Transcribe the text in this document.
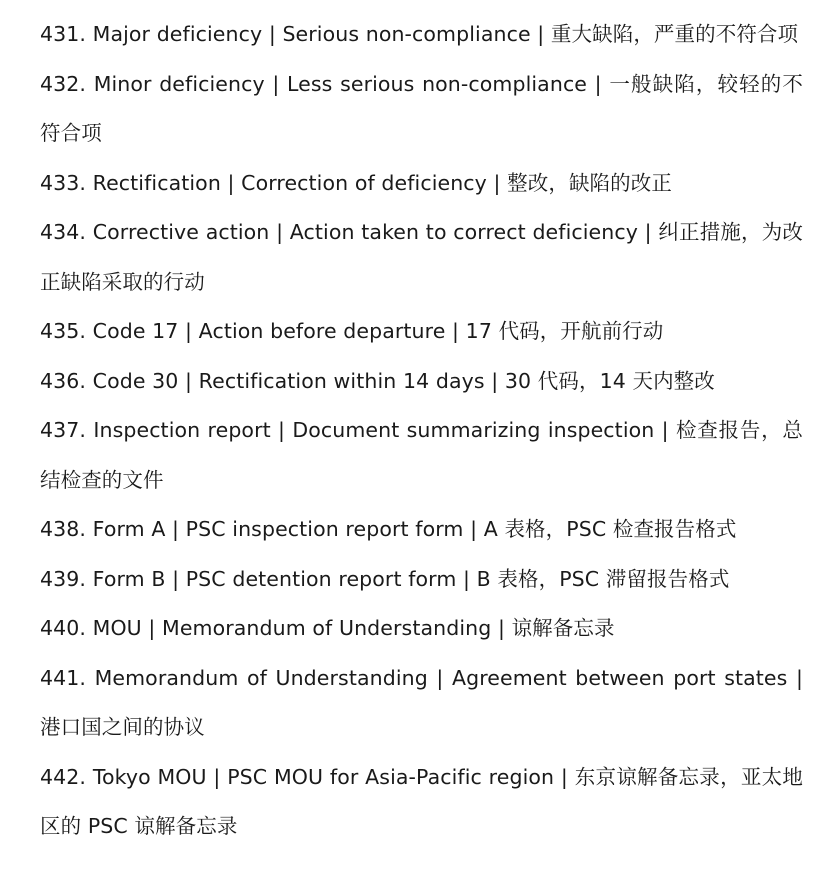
431. Major deficiency | Serious non-compliance | 重大缺陷，严重的不符合项

432. Minor deficiency | Less serious non-compliance | 一般缺陷，较轻的不符合项

433. Rectification | Correction of deficiency | 整改，缺陷的改正

434. Corrective action | Action taken to correct deficiency | 纠正措施，为改正缺陷采取的行动

435. Code 17 | Action before departure | 17 代码，开航前行动

436. Code 30 | Rectification within 14 days | 30 代码，14 天内整改

437. Inspection report | Document summarizing inspection | 检查报告，总结检查的文件

438. Form A | PSC inspection report form | A 表格，PSC 检查报告格式

439. Form B | PSC detention report form | B 表格，PSC 滞留报告格式

440. MOU | Memorandum of Understanding | 谅解备忘录

441. Memorandum of Understanding | Agreement between port states | 港口国之间的协议

442. Tokyo MOU | PSC MOU for Asia-Pacific region | 东京谅解备忘录，亚太地区的 PSC 谅解备忘录
